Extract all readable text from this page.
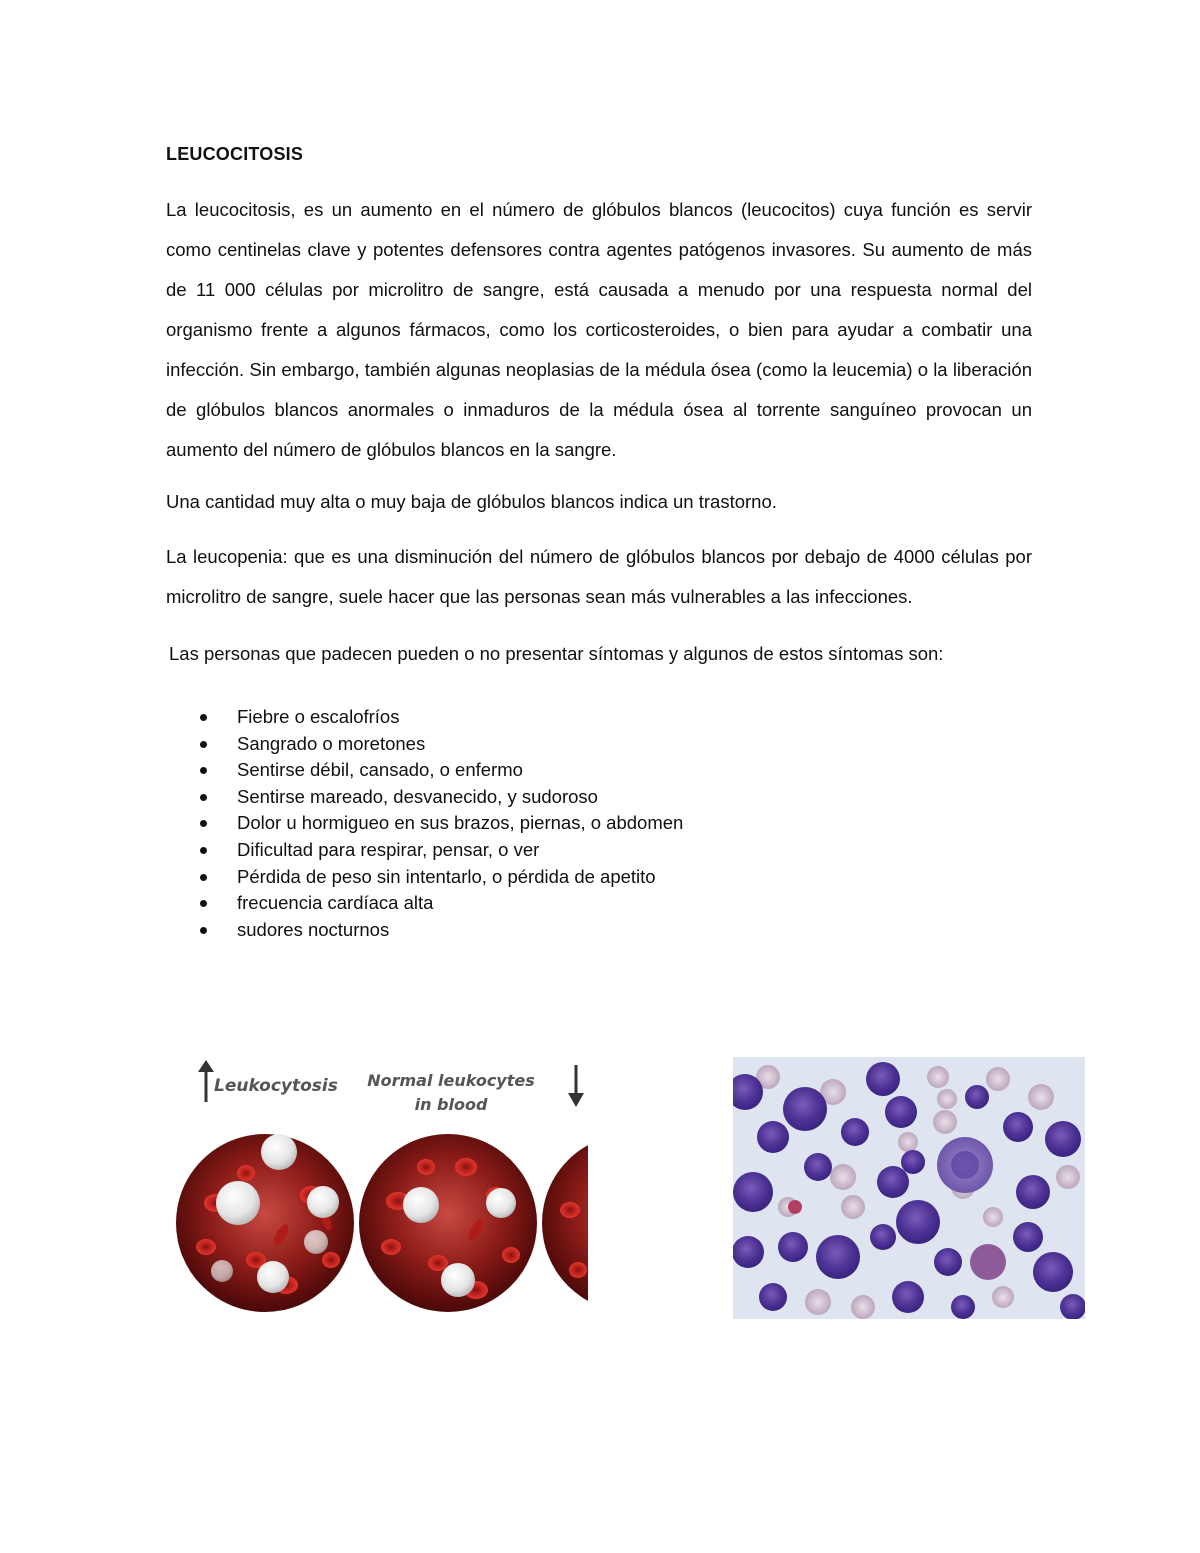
LEUCOCITOSIS

La leucocitosis, es un aumento en el número de glóbulos blancos (leucocitos) cuya función es servir como centinelas clave y potentes defensores contra agentes patógenos invasores. Su aumento de más de 11 000 células por microlitro de sangre, está causada a menudo por una respuesta normal del organismo frente a algunos fármacos, como los corticosteroides, o bien para ayudar a combatir una infección. Sin embargo, también algunas neoplasias de la médula ósea (como la leucemia) o la liberación de glóbulos blancos anormales o inmaduros de la médula ósea al torrente sanguíneo provocan un aumento del número de glóbulos blancos en la sangre.

Una cantidad muy alta o muy baja de glóbulos blancos indica un trastorno.

La leucopenia: que es una disminución del número de glóbulos blancos por debajo de 4000 células por microlitro de sangre, suele hacer que las personas sean más vulnerables a las infecciones.

Las personas que padecen pueden o no presentar síntomas y algunos de estos síntomas son:

Fiebre o escalofríos
Sangrado o moretones
Sentirse débil, cansado, o enfermo
Sentirse mareado, desvanecido, y sudoroso
Dolor u hormigueo en sus brazos, piernas, o abdomen
Dificultad para respirar, pensar, o ver
Pérdida de peso sin intentarlo, o pérdida de apetito
frecuencia cardíaca alta
sudores nocturnos
Leukocytosis Normal leukocytes
in blood
